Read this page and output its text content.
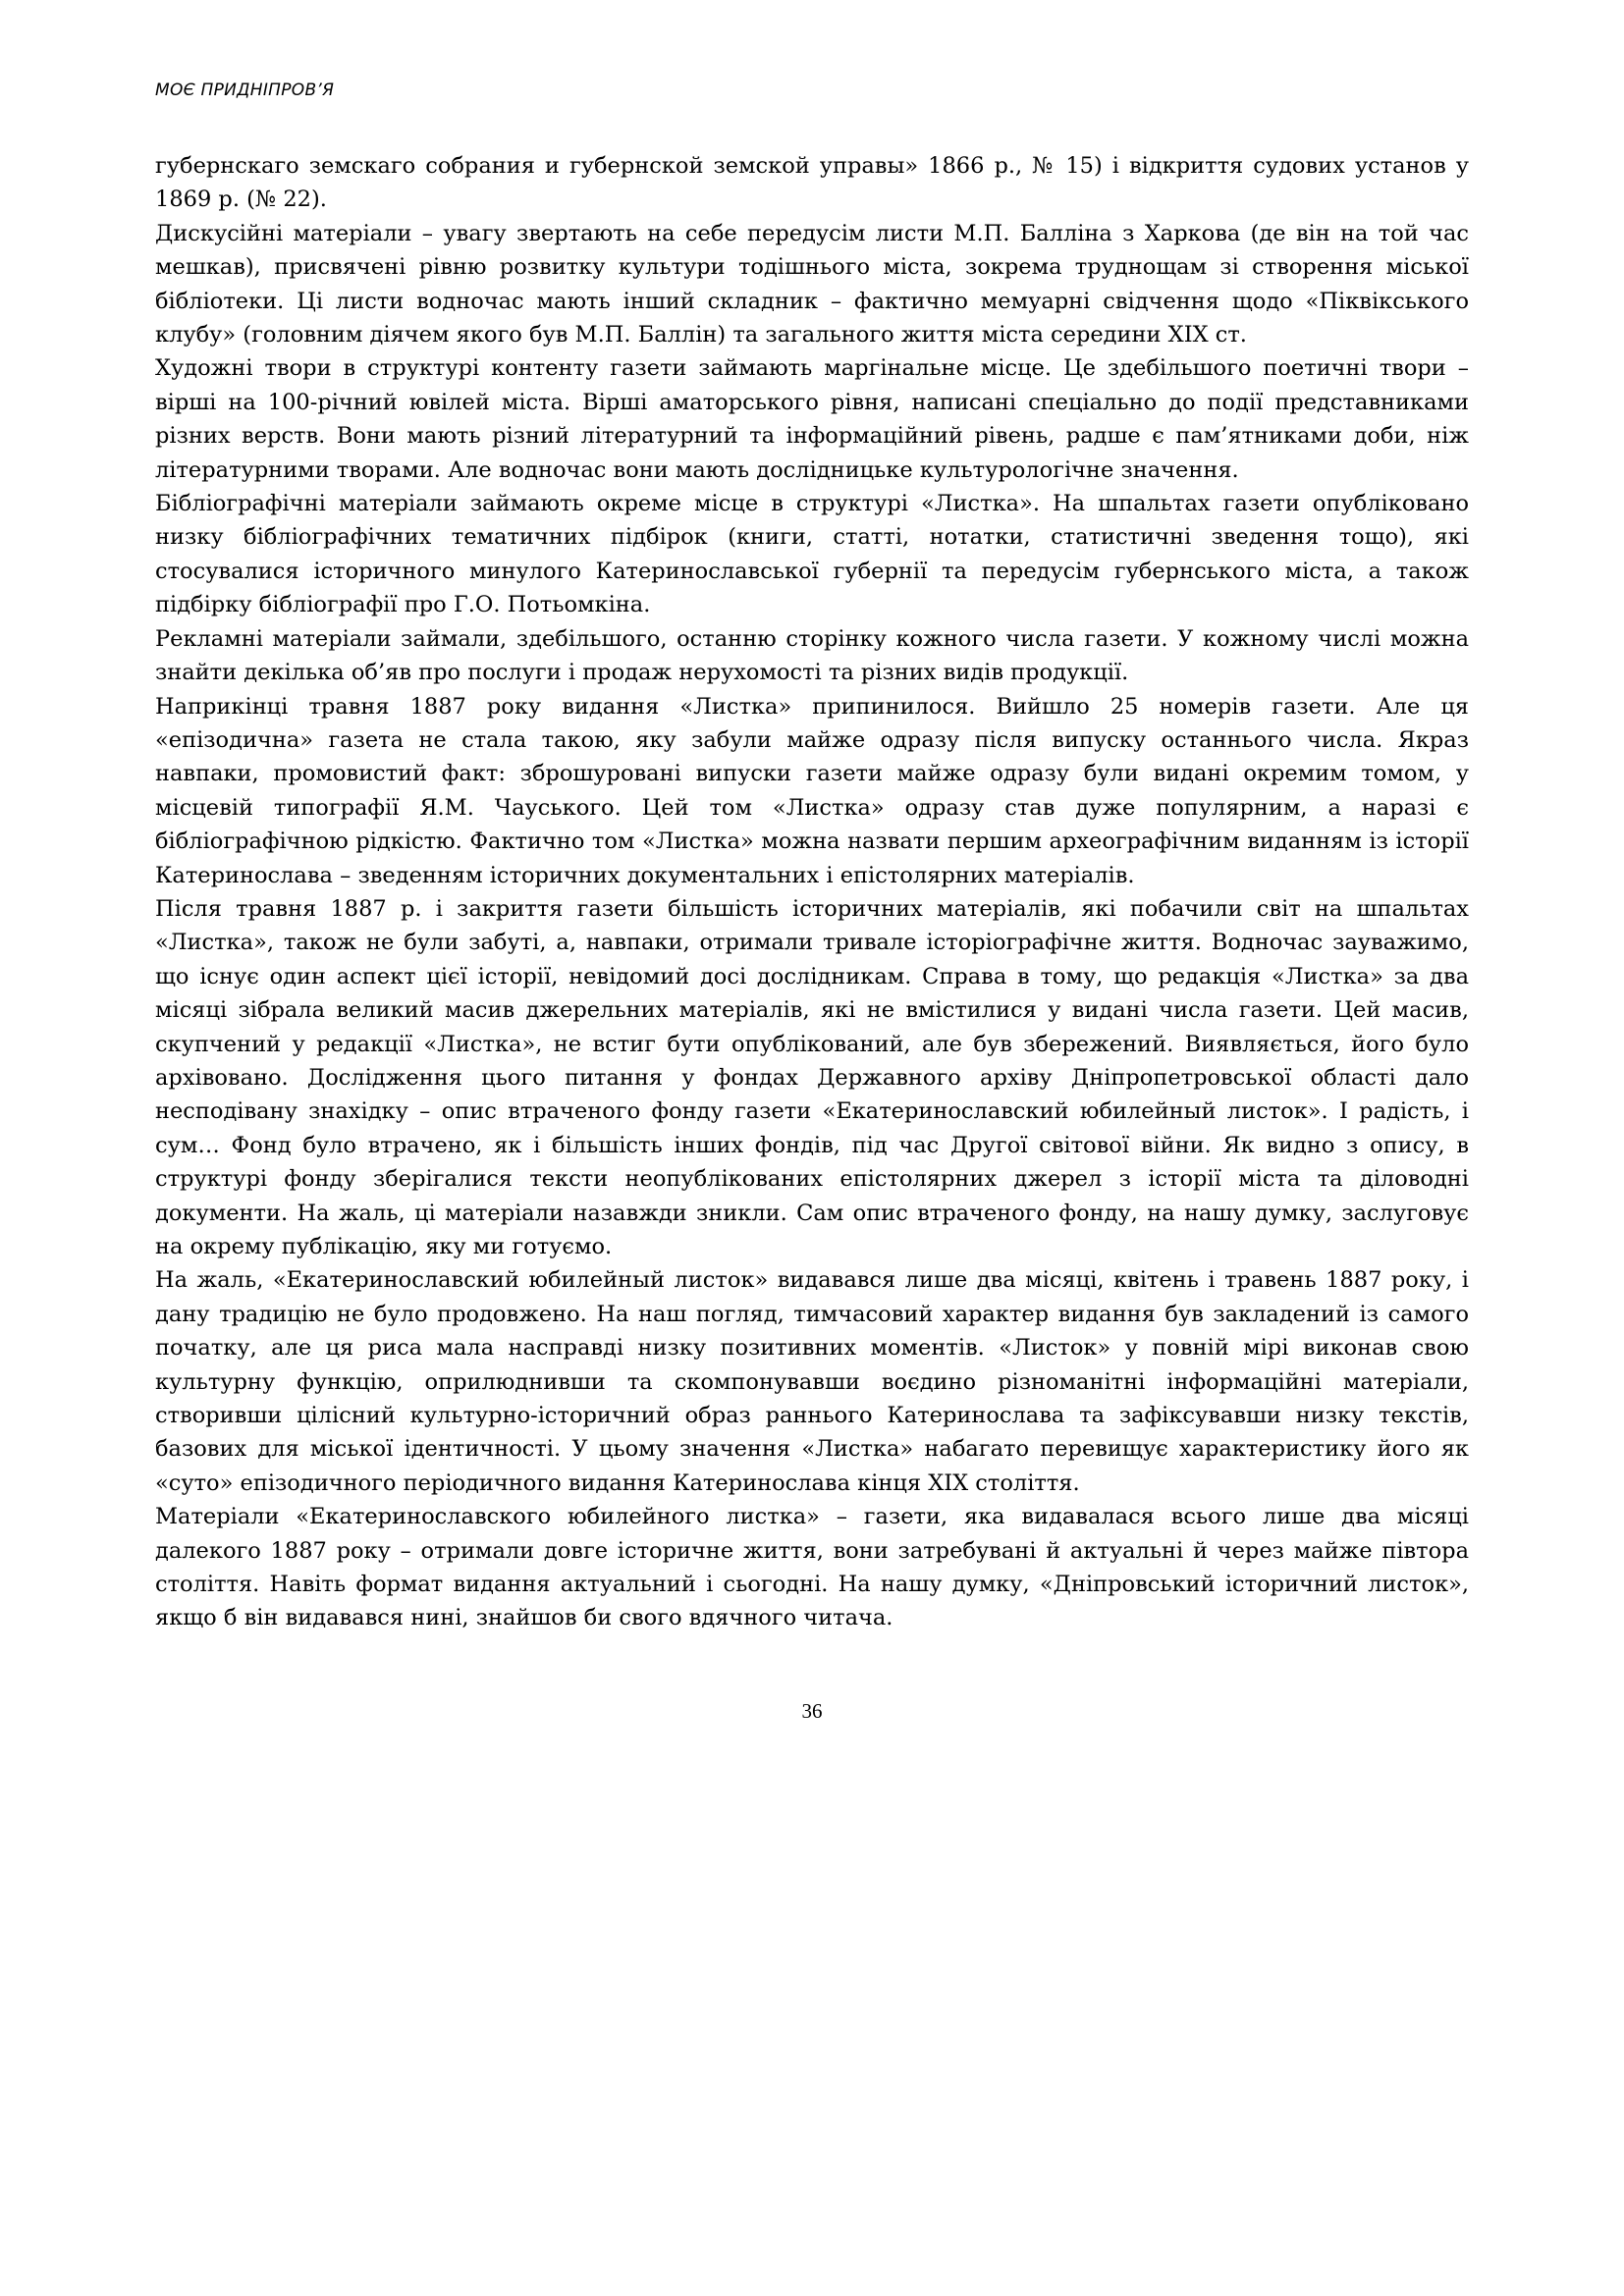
МОЄ ПРИДНІПРОВ’Я

губернскаго земскаго собрания и губернской земской управы» 1866 р., № 15) і відкриття судових установ у 1869 р. (№ 22).

Дискусійні матеріали – увагу звертають на себе передусім листи М.П. Балліна з Харкова (де він на той час мешкав), присвячені рівню розвитку культури тодішнього міста, зокрема труднощам зі створення міської бібліотеки. Ці листи водночас мають інший складник – фактично мемуарні свідчення щодо «Піквікського клубу» (головним діячем якого був М.П. Баллін) та загального життя міста середини XIX ст.

Художні твори в структурі контенту газети займають маргінальне місце. Це здебільшого поетичні твори – вірші на 100-річний ювілей міста. Вірші аматорського рівня, написані спеціально до події представниками різних верств. Вони мають різний літературний та інформаційний рівень, радше є пам’ятниками доби, ніж літературними творами. Але водночас вони мають дослідницьке культурологічне значення.

Бібліографічні матеріали займають окреме місце в структурі «Листка». На шпальтах газети опубліковано низку бібліографічних тематичних підбірок (книги, статті, нотатки, статистичні зведення тощо), які стосувалися історичного минулого Катеринославської губернії та передусім губернського міста, а також підбірку бібліографії про Г.О. Потьомкіна.

Рекламні матеріали займали, здебільшого, останню сторінку кожного числа газети. У кожному числі можна знайти декілька об’яв про послуги і продаж нерухомості та різних видів продукції.

Наприкінці травня 1887 року видання «Листка» припинилося. Вийшло 25 номерів газети. Але ця «епізодична» газета не стала такою, яку забули майже одразу після випуску останнього числа. Якраз навпаки, промовистий факт: зброшуровані випуски газети майже одразу були видані окремим томом, у місцевій типографії Я.М. Чауського. Цей том «Листка» одразу став дуже популярним, а наразі є бібліографічною рідкістю. Фактично том «Листка» можна назвати першим археографічним виданням із історії Катеринослава – зведенням історичних документальних і епістолярних матеріалів.

Після травня 1887 р. і закриття газети більшість історичних матеріалів, які побачили світ на шпальтах «Листка», також не були забуті, а, навпаки, отримали тривале історіографічне життя. Водночас зауважимо, що існує один аспект цієї історії, невідомий досі дослідникам. Справа в тому, що редакція «Листка» за два місяці зібрала великий масив джерельних матеріалів, які не вмістилися у видані числа газети. Цей масив, скупчений у редакції «Листка», не встиг бути опублікований, але був збережений. Виявляється, його було архівовано. Дослідження цього питання у фондах Державного архіву Дніпропетровської області дало несподівану знахідку – опис втраченого фонду газети «Екатеринославский юбилейный листок». І радість, і сум… Фонд було втрачено, як і більшість інших фондів, під час Другої світової війни. Як видно з опису, в структурі фонду зберігалися тексти неопублікованих епістолярних джерел з історії міста та діловодні документи. На жаль, ці матеріали назавжди зникли. Сам опис втраченого фонду, на нашу думку, заслуговує на окрему публікацію, яку ми готуємо.

На жаль, «Екатеринославский юбилейный листок» видавався лише два місяці, квітень і травень 1887 року, і дану традицію не було продовжено. На наш погляд, тимчасовий характер видання був закладений із самого початку, але ця риса мала насправді низку позитивних моментів. «Листок» у повній мірі виконав свою культурну функцію, оприлюднивши та скомпонувавши воєдино різноманітні інформаційні матеріали, створивши цілісний культурно-історичний образ раннього Катеринослава та зафіксувавши низку текстів, базових для міської ідентичності. У цьому значення «Листка» набагато перевищує характеристику його як «суто» епізодичного періодичного видання Катеринослава кінця XIX століття.

Матеріали «Екатеринославского юбилейного листка» – газети, яка видавалася всього лише два місяці далекого 1887 року – отримали довге історичне життя, вони затребувані й актуальні й через майже півтора століття. Навіть формат видання актуальний і сьогодні. На нашу думку, «Дніпровський історичний листок», якщо б він видавався нині, знайшов би свого вдячного читача.

36
